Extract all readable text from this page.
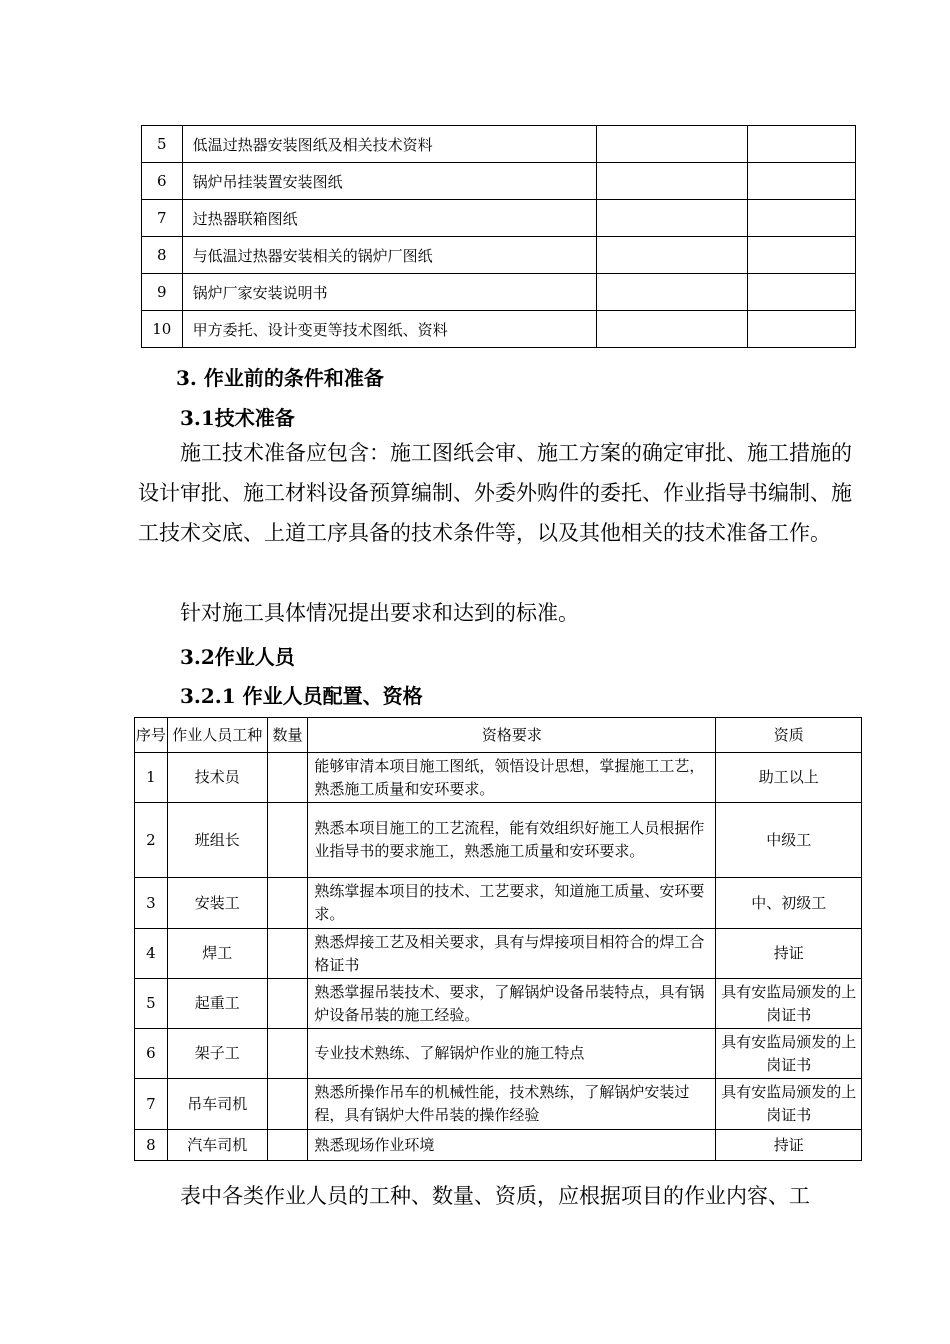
5	低温过热器安装图纸及相关技术资料		
6	锅炉吊挂装置安装图纸		
7	过热器联箱图纸		
8	与低温过热器安装相关的锅炉厂图纸		
9	锅炉厂家安装说明书		
10	甲方委托、设计变更等技术图纸、资料		
3. 作业前的条件和准备
3.1技术准备
施工技术准备应包含：施工图纸会审、施工方案的确定审批、施工措施的设计审批、施工材料设备预算编制、外委外购件的委托、作业指导书编制、施工技术交底、上道工序具备的技术条件等，以及其他相关的技术准备工作。
针对施工具体情况提出要求和达到的标准。
3.2作业人员
3.2.1 作业人员配置、资格
序号	作业人员工种	数量	资格要求	资质
1	技术员		能够审清本项目施工图纸，领悟设计思想，掌握施工工艺，熟悉施工质量和安环要求。	助工以上
2	班组长		熟悉本项目施工的工艺流程，能有效组织好施工人员根据作业指导书的要求施工，熟悉施工质量和安环要求。	中级工
3	安装工		熟练掌握本项目的技术、工艺要求，知道施工质量、安环要求。	中、初级工
4	焊工		熟悉焊接工艺及相关要求，具有与焊接项目相符合的焊工合格证书	持证
5	起重工		熟悉掌握吊装技术、要求，了解锅炉设备吊装特点，具有锅炉设备吊装的施工经验。	具有安监局颁发的上岗证书
6	架子工		专业技术熟练、了解锅炉作业的施工特点	具有安监局颁发的上岗证书
7	吊车司机		熟悉所操作吊车的机械性能，技术熟练，了解锅炉安装过程，具有锅炉大件吊装的操作经验	具有安监局颁发的上岗证书
8	汽车司机		熟悉现场作业环境	持证
表中各类作业人员的工种、数量、资质，应根据项目的作业内容、工
